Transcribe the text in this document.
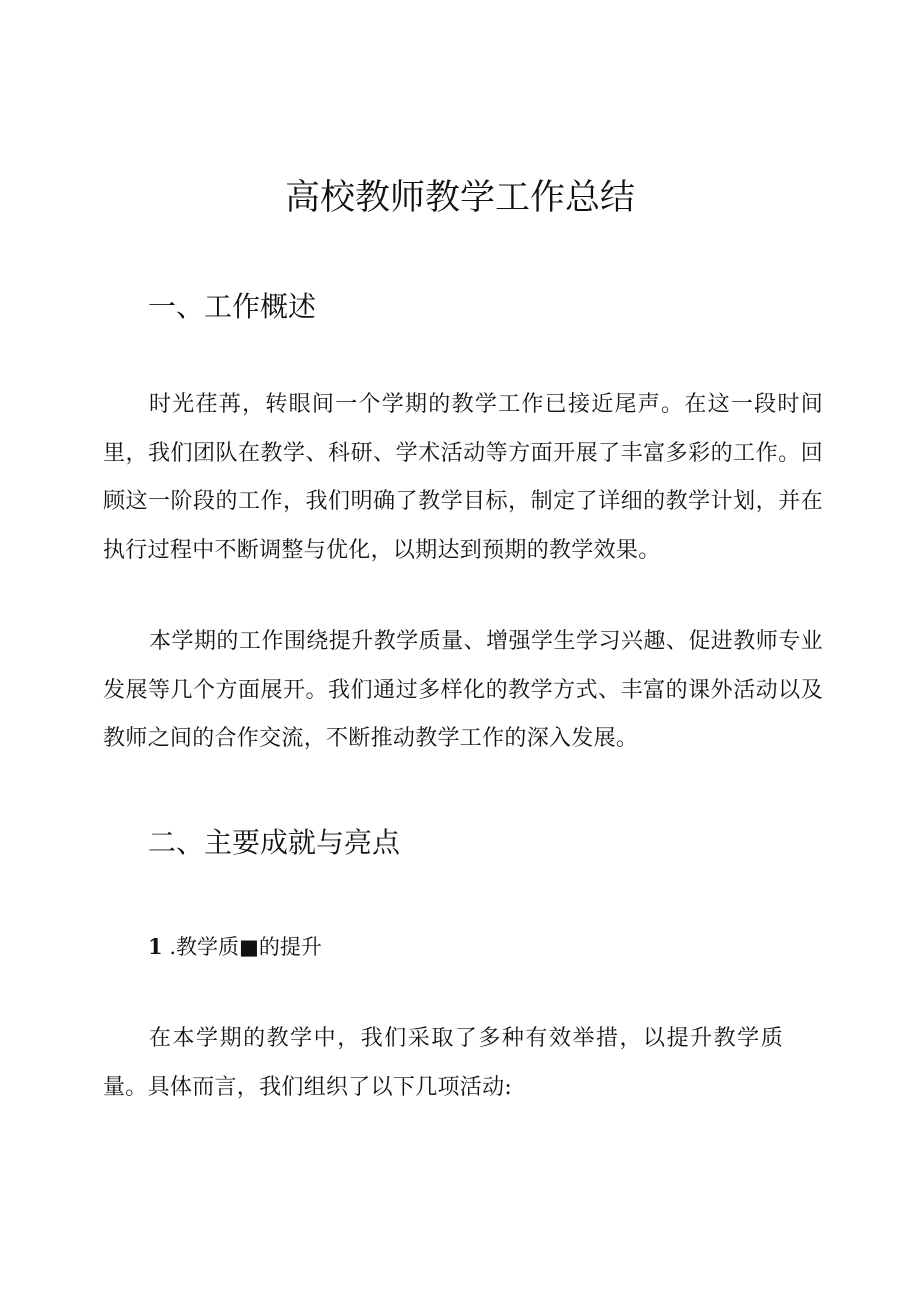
高校教师教学工作总结
一、工作概述

时光荏苒，转眼间一个学期的教学工作已接近尾声。在这一段时间里，我们团队在教学、科研、学术活动等方面开展了丰富多彩的工作。回顾这一阶段的工作，我们明确了教学目标，制定了详细的教学计划，并在执行过程中不断调整与优化，以期达到预期的教学效果。

本学期的工作围绕提升教学质量、增强学生学习兴趣、促进教师专业发展等几个方面展开。我们通过多样化的教学方式、丰富的课外活动以及教师之间的合作交流，不断推动教学工作的深入发展。

二、主要成就与亮点
1 .教学质■的提升

在本学期的教学中，我们采取了多种有效举措，以提升教学质量。具体而言，我们组织了以下几项活动:
